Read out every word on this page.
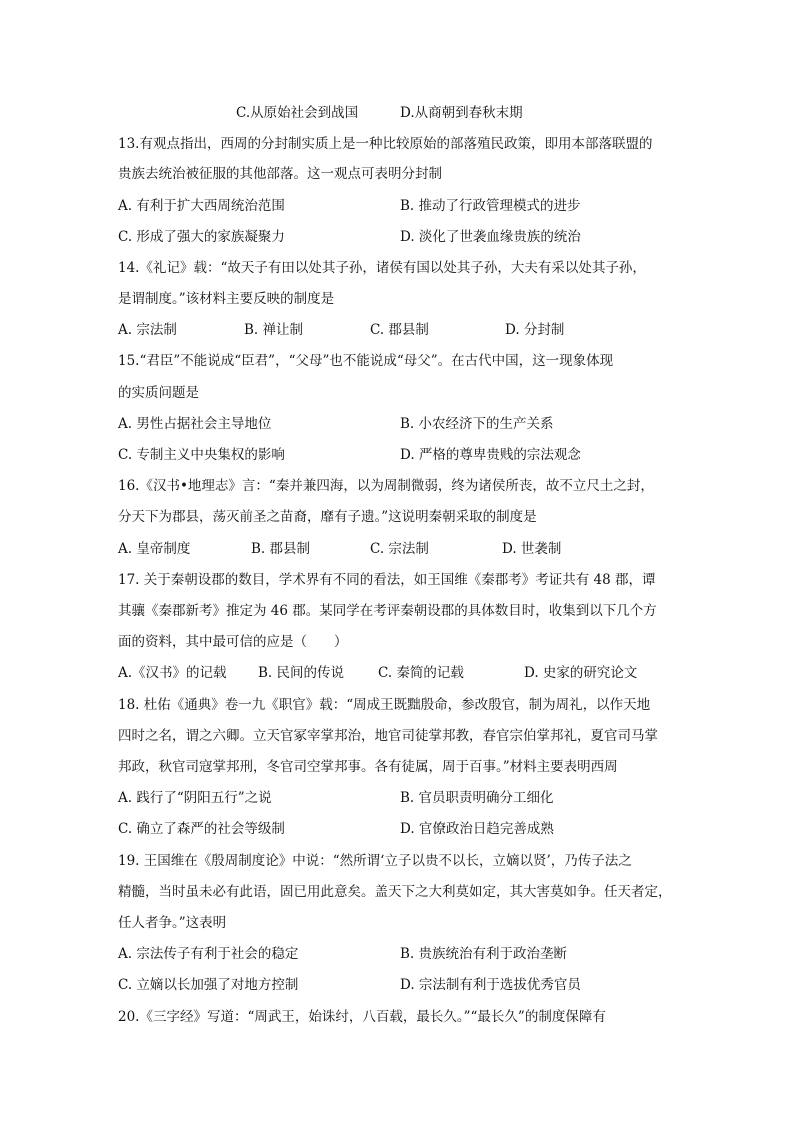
C.从原始社会到战国	D.从商朝到春秋末期
13.有观点指出，西周的分封制实质上是一种比较原始的部落殖民政策，即用本部落联盟的
贵族去统治被征服的其他部落。这一观点可表明分封制
A. 有利于扩大西周统治范围	B. 推动了行政管理模式的进步
C. 形成了强大的家族凝聚力	D. 淡化了世袭血缘贵族的统治
14.《礼记》载：“故天子有田以处其子孙，诸侯有国以处其子孙，大夫有采以处其子孙，
是谓制度。”该材料主要反映的制度是
A. 宗法制	B. 禅让制	C. 郡县制	D. 分封制
15.“君臣”不能说成“臣君”，“父母”也不能说成“母父”。在古代中国，这一现象体现
的实质问题是
A. 男性占据社会主导地位	B. 小农经济下的生产关系
C. 专制主义中央集权的影响	D. 严格的尊卑贵贱的宗法观念
16.《汉书•地理志》言：“秦并兼四海，以为周制微弱，终为诸侯所丧，故不立尺土之封，
分天下为郡县，荡灭前圣之苗裔，靡有子遗。”这说明秦朝采取的制度是
A. 皇帝制度	B. 郡县制	C. 宗法制	D. 世袭制
17. 关于秦朝设郡的数目，学术界有不同的看法，如王国维《秦郡考》考证共有 48 郡，谭
其骧《秦郡新考》推定为 46 郡。某同学在考评秦朝设郡的具体数目时，收集到以下几个方
面的资料，其中最可信的应是（　　）
A.《汉书》的记载 B. 民间的传说	C. 秦简的记载	D. 史家的研究论文
18. 杜佑《通典》卷一九《职官》载：“周成王既黜殷命，参改殷官，制为周礼，以作天地
四时之名，谓之六卿。立天官冢宰掌邦治，地官司徒掌邦教，春官宗伯掌邦礼，夏官司马掌
邦政，秋官司寇掌邦刑，冬官司空掌邦事。各有徒属，周于百事。”材料主要表明西周
A. 践行了“阴阳五行”之说	B. 官员职责明确分工细化
C. 确立了森严的社会等级制	D. 官僚政治日趋完善成熟
19. 王国维在《殷周制度论》中说：“然所谓‘立子以贵不以长，立嫡以贤’，乃传子法之
精髓，当时虽未必有此语，固已用此意矣。盖天下之大利莫如定，其大害莫如争。任天者定，
任人者争。”这表明
A. 宗法传子有利于社会的稳定	B. 贵族统治有利于政治垄断
C. 立嫡以长加强了对地方控制	D. 宗法制有利于选拔优秀官员
20.《三字经》写道：“周武王，始诛纣，八百载，最长久。”“最长久”的制度保障有
